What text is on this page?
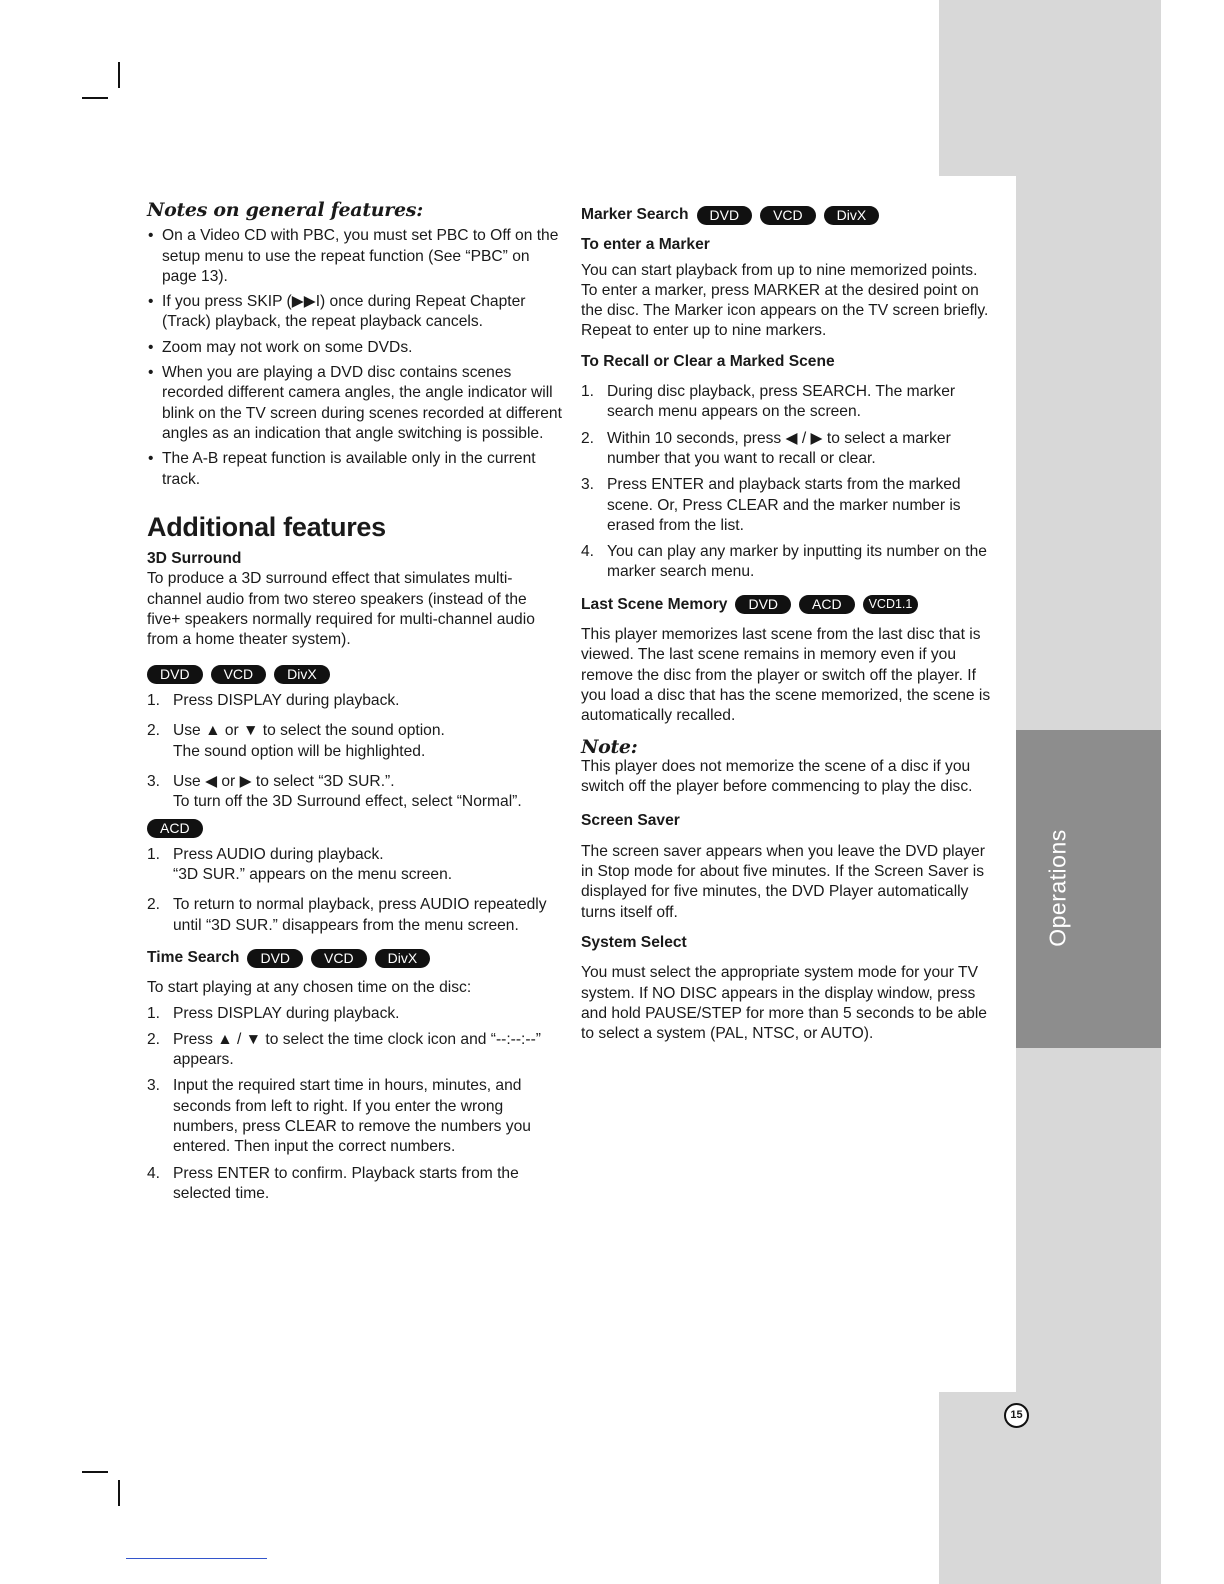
Operations
15
Notes on general features:
• On a Video CD with PBC, you must set PBC to Off on the setup menu to use the repeat function (See “PBC” on page 13).
• If you press SKIP (▶▶I) once during Repeat Chapter (Track) playback, the repeat playback cancels.
• Zoom may not work on some DVDs.
• When you are playing a DVD disc contains scenes recorded different camera angles, the angle indicator will blink on the TV screen during scenes recorded at different angles as an indication that angle switching is possible.
• The A-B repeat function is available only in the current track.
Additional features

3D Surround

To produce a 3D surround effect that simulates multi-channel audio from two stereo speakers (instead of the five+ speakers normally required for multi-channel audio from a home theater system).

DVD	VCD	DivX
1. Press DISPLAY during playback.
2. Use ▲ or ▼ to select the sound option.
The sound option will be highlighted.
3. Use ◀ or ▶ to select “3D SUR.”.
To turn off the 3D Surround effect, select “Normal”.
ACD
1. Press AUDIO during playback.
“3D SUR.” appears on the menu screen.
2. To return to normal playback, press AUDIO repeatedly until “3D SUR.” disappears from the menu screen.
Time Search	DVD	VCD	DivX

To start playing at any chosen time on the disc:

1. Press DISPLAY during playback.
2. Press ▲ / ▼ to select the time clock icon and “--:--:--” appears.
3. Input the required start time in hours, minutes, and seconds from left to right. If you enter the wrong numbers, press CLEAR to remove the numbers you entered. Then input the correct numbers.
4. Press ENTER to confirm. Playback starts from the selected time.
Marker Search	DVD	VCD	DivX

To enter a Marker

You can start playback from up to nine memorized points. To enter a marker, press MARKER at the desired point on the disc. The Marker icon appears on the TV screen briefly. Repeat to enter up to nine markers.

To Recall or Clear a Marked Scene

1. During disc playback, press SEARCH. The marker search menu appears on the screen.
2. Within 10 seconds, press ◀ / ▶ to select a marker number that you want to recall or clear.
3. Press ENTER and playback starts from the marked scene. Or, Press CLEAR and the marker number is erased from the list.
4. You can play any marker by inputting its number on the marker search menu.
Last Scene Memory	DVD	ACD	VCD1.1

This player memorizes last scene from the last disc that is viewed. The last scene remains in memory even if you remove the disc from the player or switch off the player. If you load a disc that has the scene memorized, the scene is automatically recalled.

Note:

This player does not memorize the scene of a disc if you switch off the player before commencing to play the disc.

Screen Saver

The screen saver appears when you leave the DVD player in Stop mode for about five minutes. If the Screen Saver is displayed for five minutes, the DVD Player automatically turns itself off.

System Select

You must select the appropriate system mode for your TV system. If NO DISC appears in the display window, press and hold PAUSE/STEP for more than 5 seconds to be able to select a system (PAL, NTSC, or AUTO).
